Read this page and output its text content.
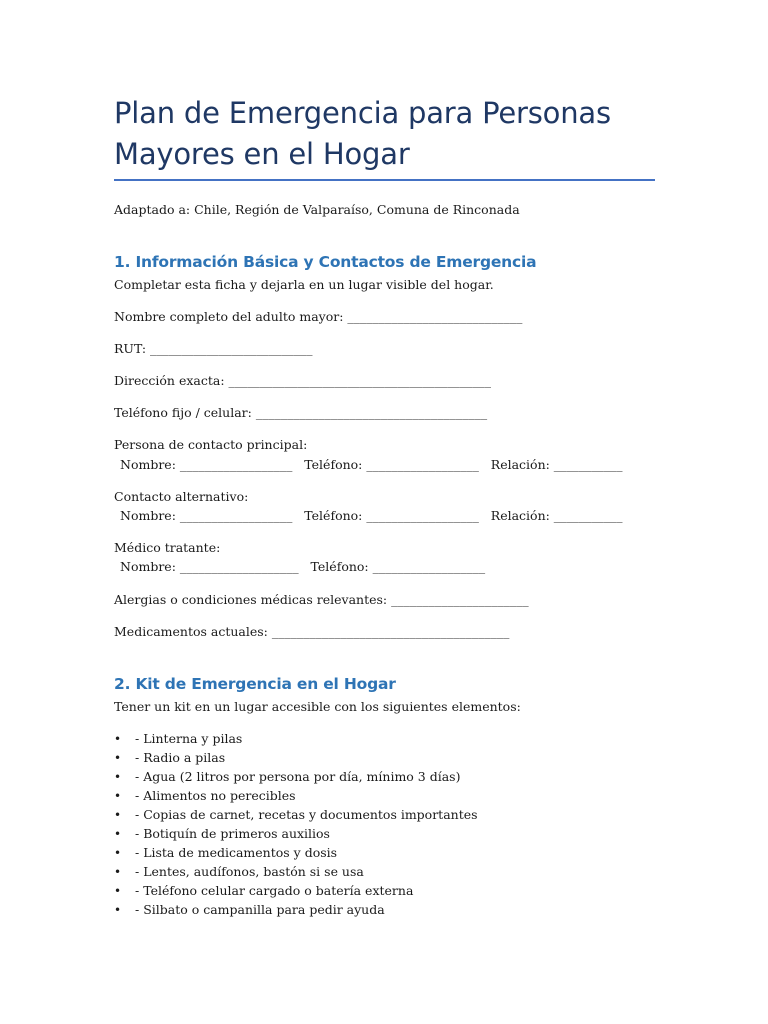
Plan de Emergencia para Personas Mayores en el Hogar
Adaptado a: Chile, Región de Valparaíso, Comuna de Rinconada
1. Información Básica y Contactos de Emergencia
Completar esta ficha y dejarla en un lugar visible del hogar.
Nombre completo del adulto mayor: ____________________________
RUT: __________________________
Dirección exacta: __________________________________________
Teléfono fijo / celular: _____________________________________
Persona de contacto principal:
Nombre: __________________   Teléfono: __________________   Relación: ___________
Contacto alternativo:
Nombre: __________________   Teléfono: __________________   Relación: ___________
Médico tratante:
Nombre: ___________________   Teléfono: __________________
Alergias o condiciones médicas relevantes: ______________________
Medicamentos actuales: ______________________________________
2. Kit de Emergencia en el Hogar
Tener un kit en un lugar accesible con los siguientes elementos:
• - Linterna y pilas
• - Radio a pilas
• - Agua (2 litros por persona por día, mínimo 3 días)
• - Alimentos no perecibles
• - Copias de carnet, recetas y documentos importantes
• - Botiquín de primeros auxilios
• - Lista de medicamentos y dosis
• - Lentes, audífonos, bastón si se usa
• - Teléfono celular cargado o batería externa
• - Silbato o campanilla para pedir ayuda
